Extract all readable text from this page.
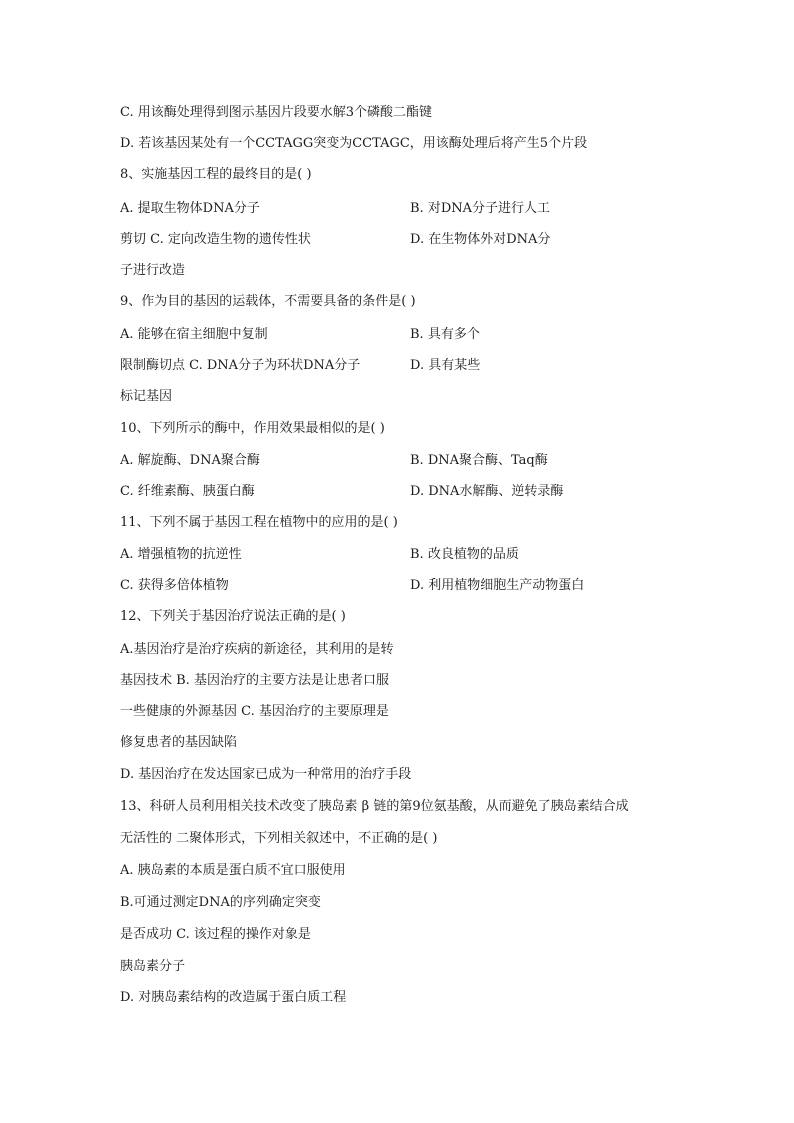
C. 用该酶处理得到图示基因片段要水解3个磷酸二酯键
D. 若该基因某处有一个CCTAGG突变为CCTAGC，用该酶处理后将产生5个片段
8、实施基因工程的最终目的是( )
A. 提取生物体DNA分子	B. 对DNA分子进行人工
剪切 C. 定向改造生物的遗传性状	D. 在生物体外对DNA分
子进行改造
9、作为目的基因的运载体，不需要具备的条件是( )
A. 能够在宿主细胞中复制	B. 具有多个
限制酶切点 C. DNA分子为环状DNA分子	D. 具有某些
标记基因
10、下列所示的酶中，作用效果最相似的是( )
A. 解旋酶、DNA聚合酶	B. DNA聚合酶、Taq酶
C. 纤维素酶、胰蛋白酶	D. DNA水解酶、逆转录酶
11、下列不属于基因工程在植物中的应用的是( )
A. 增强植物的抗逆性	B. 改良植物的品质
C. 获得多倍体植物	D. 利用植物细胞生产动物蛋白
12、下列关于基因治疗说法正确的是( )
A.基因治疗是治疗疾病的新途径，其利用的是转
基因技术 B. 基因治疗的主要方法是让患者口服
一些健康的外源基因 C. 基因治疗的主要原理是
修复患者的基因缺陷
D. 基因治疗在发达国家已成为一种常用的治疗手段
13、科研人员利用相关技术改变了胰岛素 β 链的第9位氨基酸，从而避免了胰岛素结合成
无活性的 二聚体形式，下列相关叙述中，不正确的是( )
A. 胰岛素的本质是蛋白质不宜口服使用
B.可通过测定DNA的序列确定突变
是否成功 C. 该过程的操作对象是
胰岛素分子
D. 对胰岛素结构的改造属于蛋白质工程
